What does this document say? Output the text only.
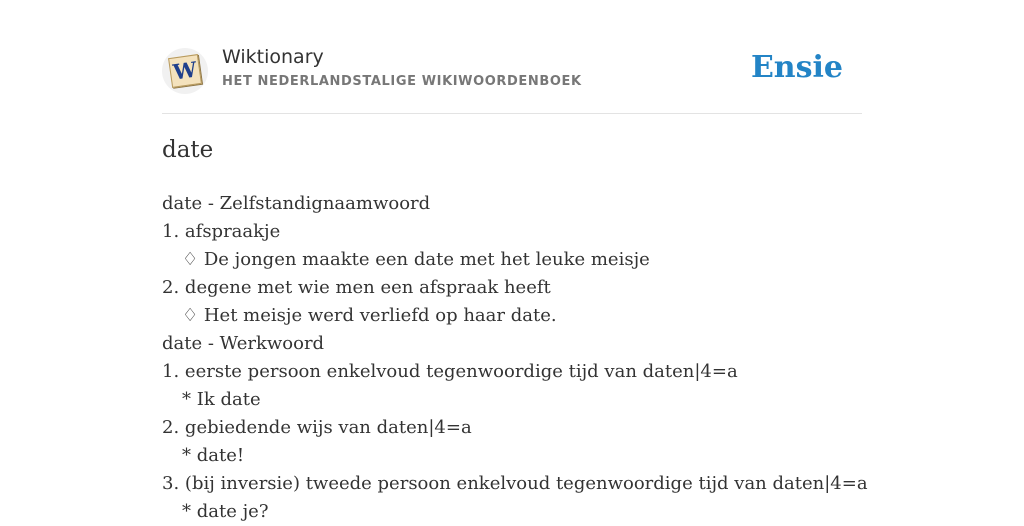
W Wiktionary
HET NEDERLANDSTALIGE WIKIWOORDENBOEK	Ensie
date
date - Zelfstandignaamwoord
1. afspraakje
♢ De jongen maakte een date met het leuke meisje
2. degene met wie men een afspraak heeft
♢ Het meisje werd verliefd op haar date.
date - Werkwoord
1. eerste persoon enkelvoud tegenwoordige tijd van daten|4=a
* Ik date
2. gebiedende wijs van daten|4=a
* date!
3. (bij inversie) tweede persoon enkelvoud tegenwoordige tijd van daten|4=a
* date je?
